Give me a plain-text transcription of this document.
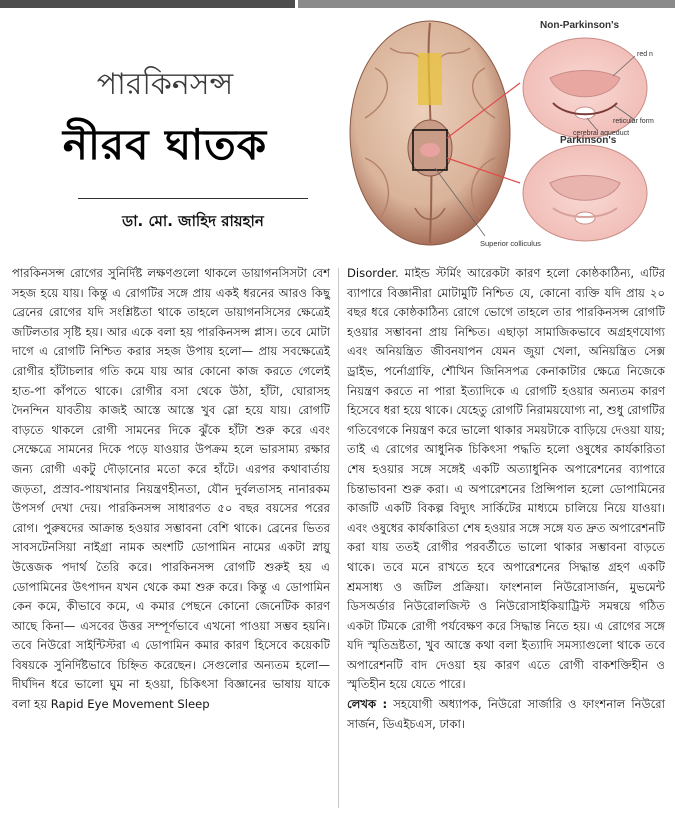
পারকিনসন্স
নীরব ঘাতক
ডা. মো. জাহিদ রায়হান
Non-Parkinson's
Parkinson's
red n
reticular form
cerebral aqueduct
Superior colliculus

পারকিনসন্স রোগের সুনির্দিষ্ট লক্ষণগুলো থাকলে ডায়াগনসিসটা বেশ সহজ হয়ে যায়। কিন্তু এ রোগটির সঙ্গে প্রায় একই ধরনের আরও কিছু ব্রেনের রোগের যদি সংশ্লিষ্টতা থাকে তাহলে ডায়াগনসিসের ক্ষেত্রেই জটিলতার সৃষ্টি হয়। আর একে বলা হয় পারকিনসন্স প্লাস। তবে মোটা দাগে এ রোগটি নিশ্চিত করার সহজ উপায় হলো— প্রায় সবক্ষেত্রেই রোগীর হাঁটাচলার গতি কমে যায় আর কোনো কাজ করতে গেলেই হাত-পা কাঁপতে থাকে। রোগীর বসা থেকে উঠা, হাঁটা, ঘোরাসহ দৈনন্দিন যাবতীয় কাজই আস্তে আস্তে খুব স্লো হয়ে যায়। রোগটি বাড়তে থাকলে রোগী সামনের দিকে ঝুঁকে হাঁটা শুরু করে এবং সেক্ষেত্রে সামনের দিকে পড়ে যাওয়ার উপক্রম হলে ভারসাম্য রক্ষার জন্য রোগী একটু দৌড়ানোর মতো করে হাঁটে। এরপর কথাবার্তায় জড়তা, প্রস্রাব-পায়খানার নিয়ন্ত্রণহীনতা, যৌন দুর্বলতাসহ নানারকম উপসর্গ দেখা দেয়। পারকিনসন্স সাধারণত ৫০ বছর বয়সের পরের রোগ। পুরুষদের আক্রান্ত হওয়ার সম্ভাবনা বেশি থাকে। ব্রেনের ভিতর সাবসটেনসিয়া নাইগ্রা নামক অংশটি ডোপামিন নামের একটা স্নায়ু উত্তেজক পদার্থ তৈরি করে। পারকিনসন্স রোগটি শুরুই হয় এ ডোপামিনের উৎপাদন যখন থেকে কমা শুরু করে। কিন্তু এ ডোপামিন কেন কমে, কীভাবে কমে, এ কমার পেছনে কোনো জেনেটিক কারণ আছে কিনা— এসবের উত্তর সম্পূর্ণভাবে এখনো পাওয়া সম্ভব হয়নি। তবে নিউরো সাইন্টিস্টরা এ ডোপামিন কমার কারণ হিসেবে কয়েকটি বিষয়কে সুনির্দিষ্টভাবে চিহ্নিত করেছেন। সেগুলোর অন্যতম হলো— দীর্ঘদিন ধরে ভালো ঘুম না হওয়া, চিকিৎসা বিজ্ঞানের ভাষায় যাকে বলা হয় Rapid Eye Movement Sleep

Disorder. মাইন্ড স্টর্মিং আরেকটা কারণ হলো কোষ্ঠকাঠিন্য, এটির ব্যাপারে বিজ্ঞানীরা মোটামুটি নিশ্চিত যে, কোনো ব্যক্তি যদি প্রায় ২০ বছর ধরে কোষ্ঠকাঠিন্য রোগে ভোগে তাহলে তার পারকিনসন্স রোগটি হওয়ার সম্ভাবনা প্রায় নিশ্চিত। এছাড়া সামাজিকভাবে অগ্রহণযোগ্য এবং অনিয়ন্ত্রিত জীবনযাপন যেমন জুয়া খেলা, অনিয়ন্ত্রিত সেক্স ড্রাইভ, পর্নোগ্রাফি, শৌখিন জিনিসপত্র কেনাকাটার ক্ষেত্রে নিজেকে নিয়ন্ত্রণ করতে না পারা ইত্যাদিকে এ রোগটি হওয়ার অন্যতম কারণ হিসেবে ধরা হয়ে থাকে। যেহেতু রোগটি নিরাময়যোগ্য না, শুধু রোগটির গতিবেগকে নিয়ন্ত্রণ করে ভালো থাকার সময়টাকে বাড়িয়ে দেওয়া যায়; তাই এ রোগের আধুনিক চিকিৎসা পদ্ধতি হলো ওষুধের কার্যকারিতা শেষ হওয়ার সঙ্গে সঙ্গেই একটি অত্যাধুনিক অপারেশনের ব্যাপারে চিন্তাভাবনা শুরু করা। এ অপারেশনের প্রিন্সিপাল হলো ডোপামিনের কাজটি একটি বিকল্প বিদ্যুৎ সার্কিটের মাধ্যমে চালিয়ে নিয়ে যাওয়া। এবং ওষুধের কার্যকারিতা শেষ হওয়ার সঙ্গে সঙ্গে যত দ্রুত অপারেশনটি করা যায় ততই রোগীর পরবর্তীতে ভালো থাকার সম্ভাবনা বাড়তে থাকে। তবে মনে রাখতে হবে অপারেশনের সিদ্ধান্ত গ্রহণ একটি শ্রমসাধ্য ও জটিল প্রক্রিয়া। ফাংশনাল নিউরোসার্জন, মুভমেন্ট ডিসঅর্ডার নিউরোলজিস্ট ও নিউরোসাইকিয়াট্রিস্ট সমন্বয়ে গঠিত একটা টিমকে রোগী পর্যবেক্ষণ করে সিদ্ধান্ত নিতে হয়। এ রোগের সঙ্গে যদি স্মৃতিভ্রষ্টতা, খুব আস্তে কথা বলা ইত্যাদি সমস্যাগুলো থাকে তবে অপারেশনটি বাদ দেওয়া হয় কারণ এতে রোগী বাকশক্তিহীন ও স্মৃতিহীন হয়ে যেতে পারে।

লেখক : সহযোগী অধ্যাপক, নিউরো সার্জারি ও ফাংশনাল নিউরো সার্জন, ডিএইচএস, ঢাকা।
